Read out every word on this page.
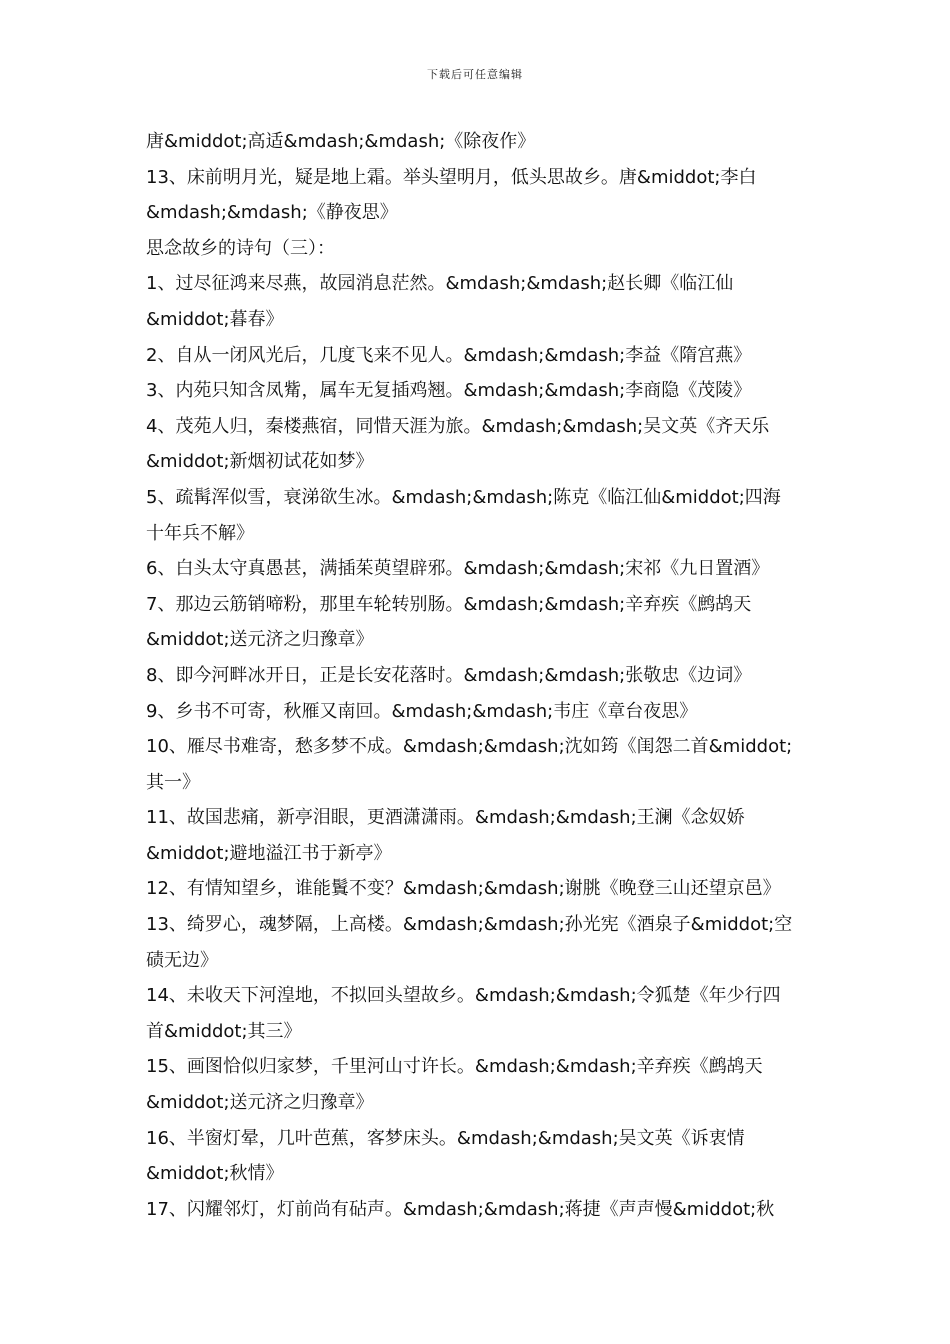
下载后可任意编辑
唐&middot;高适&mdash;&mdash;《除夜作》
13、床前明月光，疑是地上霜。举头望明月，低头思故乡。唐&middot;李白
&mdash;&mdash;《静夜思》
思念故乡的诗句（三）：
1、过尽征鸿来尽燕，故园消息茫然。&mdash;&mdash;赵长卿《临江仙
&middot;暮春》
2、自从一闭风光后，几度飞来不见人。&mdash;&mdash;李益《隋宫燕》
3、内苑只知含凤觜，属车无复插鸡翘。&mdash;&mdash;李商隐《茂陵》
4、茂苑人归，秦楼燕宿，同惜天涯为旅。&mdash;&mdash;吴文英《齐天乐
&middot;新烟初试花如梦》
5、疏髯浑似雪，衰涕欲生冰。&mdash;&mdash;陈克《临江仙&middot;四海
十年兵不解》
6、白头太守真愚甚，满插茱萸望辟邪。&mdash;&mdash;宋祁《九日置酒》
7、那边云筋销啼粉，那里车轮转别肠。&mdash;&mdash;辛弃疾《鹧鸪天
&middot;送元济之归豫章》
8、即今河畔冰开日，正是长安花落时。&mdash;&mdash;张敬忠《边词》
9、乡书不可寄，秋雁又南回。&mdash;&mdash;韦庄《章台夜思》
10、雁尽书难寄，愁多梦不成。&mdash;&mdash;沈如筠《闺怨二首&middot;
其一》
11、故国悲痛，新亭泪眼，更酒潇潇雨。&mdash;&mdash;王澜《念奴娇
&middot;避地溢江书于新亭》
12、有情知望乡，谁能鬒不变？&mdash;&mdash;谢朓《晚登三山还望京邑》
13、绮罗心，魂梦隔，上高楼。&mdash;&mdash;孙光宪《酒泉子&middot;空
碛无边》
14、未收天下河湟地，不拟回头望故乡。&mdash;&mdash;令狐楚《年少行四
首&middot;其三》
15、画图恰似归家梦，千里河山寸许长。&mdash;&mdash;辛弃疾《鹧鸪天
&middot;送元济之归豫章》
16、半窗灯晕，几叶芭蕉，客梦床头。&mdash;&mdash;吴文英《诉衷情
&middot;秋情》
17、闪耀邻灯，灯前尚有砧声。&mdash;&mdash;蒋捷《声声慢&middot;秋
